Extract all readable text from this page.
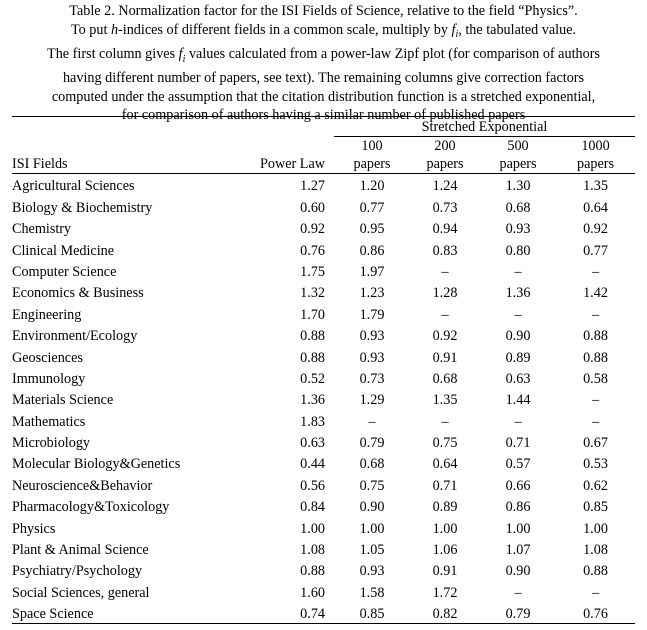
Table 2. Normalization factor for the ISI Fields of Science, relative to the field “Physics”.
To put h-indices of different fields in a common scale, multiply by $f_i$, the tabulated value.
The first column gives $f_i$ values calculated from a power-law Zipf plot (for comparison of authors
having different number of papers, see text). The remaining columns give correction factors
computed under the assumption that the citation distribution function is a stretched exponential,
for comparison of authors having a similar number of published papers

		Stretched Exponential			
		100	200	500	1000
ISI Fields	Power Law	papers	papers	papers	papers
Agricultural Sciences	1.27	1.20	1.24	1.30	1.35
Biology & Biochemistry	0.60	0.77	0.73	0.68	0.64
Chemistry	0.92	0.95	0.94	0.93	0.92
Clinical Medicine	0.76	0.86	0.83	0.80	0.77
Computer Science	1.75	1.97	–	–	–
Economics & Business	1.32	1.23	1.28	1.36	1.42
Engineering	1.70	1.79	–	–	–
Environment/Ecology	0.88	0.93	0.92	0.90	0.88
Geosciences	0.88	0.93	0.91	0.89	0.88
Immunology	0.52	0.73	0.68	0.63	0.58
Materials Science	1.36	1.29	1.35	1.44	–
Mathematics	1.83	–	–	–	–
Microbiology	0.63	0.79	0.75	0.71	0.67
Molecular Biology&Genetics	0.44	0.68	0.64	0.57	0.53
Neuroscience&Behavior	0.56	0.75	0.71	0.66	0.62
Pharmacology&Toxicology	0.84	0.90	0.89	0.86	0.85
Physics	1.00	1.00	1.00	1.00	1.00
Plant & Animal Science	1.08	1.05	1.06	1.07	1.08
Psychiatry/Psychology	0.88	0.93	0.91	0.90	0.88
Social Sciences, general	1.60	1.58	1.72	–	–
Space Science	0.74	0.85	0.82	0.79	0.76
